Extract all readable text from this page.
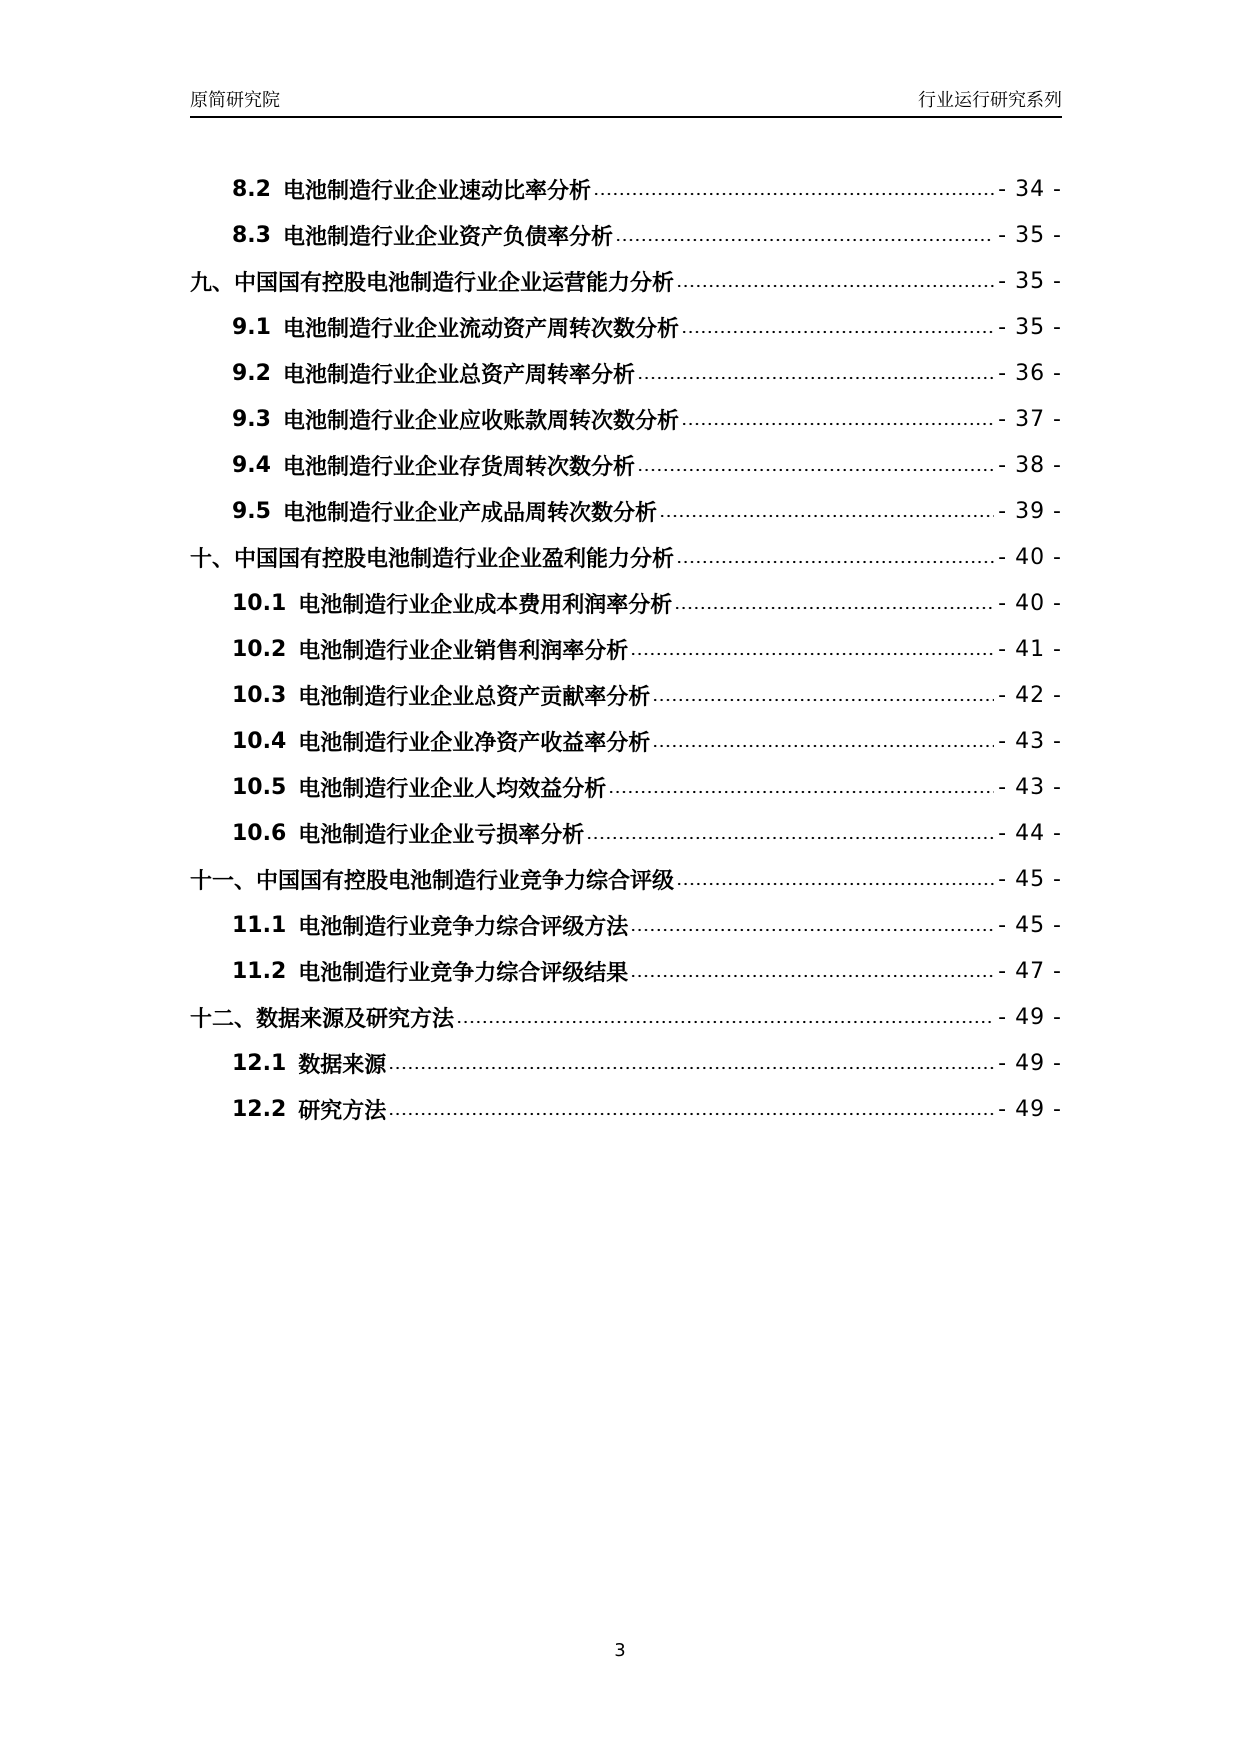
原简研究院	行业运行研究系列
8.2 电池制造行业企业速动比率分析	- 34 -
8.3 电池制造行业企业资产负债率分析	- 35 -
九、中国国有控股电池制造行业企业运营能力分析	- 35 -
9.1 电池制造行业企业流动资产周转次数分析	- 35 -
9.2 电池制造行业企业总资产周转率分析	- 36 -
9.3 电池制造行业企业应收账款周转次数分析	- 37 -
9.4 电池制造行业企业存货周转次数分析	- 38 -
9.5 电池制造行业企业产成品周转次数分析	- 39 -
十、中国国有控股电池制造行业企业盈利能力分析	- 40 -
10.1 电池制造行业企业成本费用利润率分析	- 40 -
10.2 电池制造行业企业销售利润率分析	- 41 -
10.3 电池制造行业企业总资产贡献率分析	- 42 -
10.4 电池制造行业企业净资产收益率分析	- 43 -
10.5 电池制造行业企业人均效益分析	- 43 -
10.6 电池制造行业企业亏损率分析	- 44 -
十一、中国国有控股电池制造行业竞争力综合评级	- 45 -
11.1 电池制造行业竞争力综合评级方法	- 45 -
11.2 电池制造行业竞争力综合评级结果	- 47 -
十二、数据来源及研究方法	- 49 -
12.1 数据来源	- 49 -
12.2 研究方法	- 49 -
3
